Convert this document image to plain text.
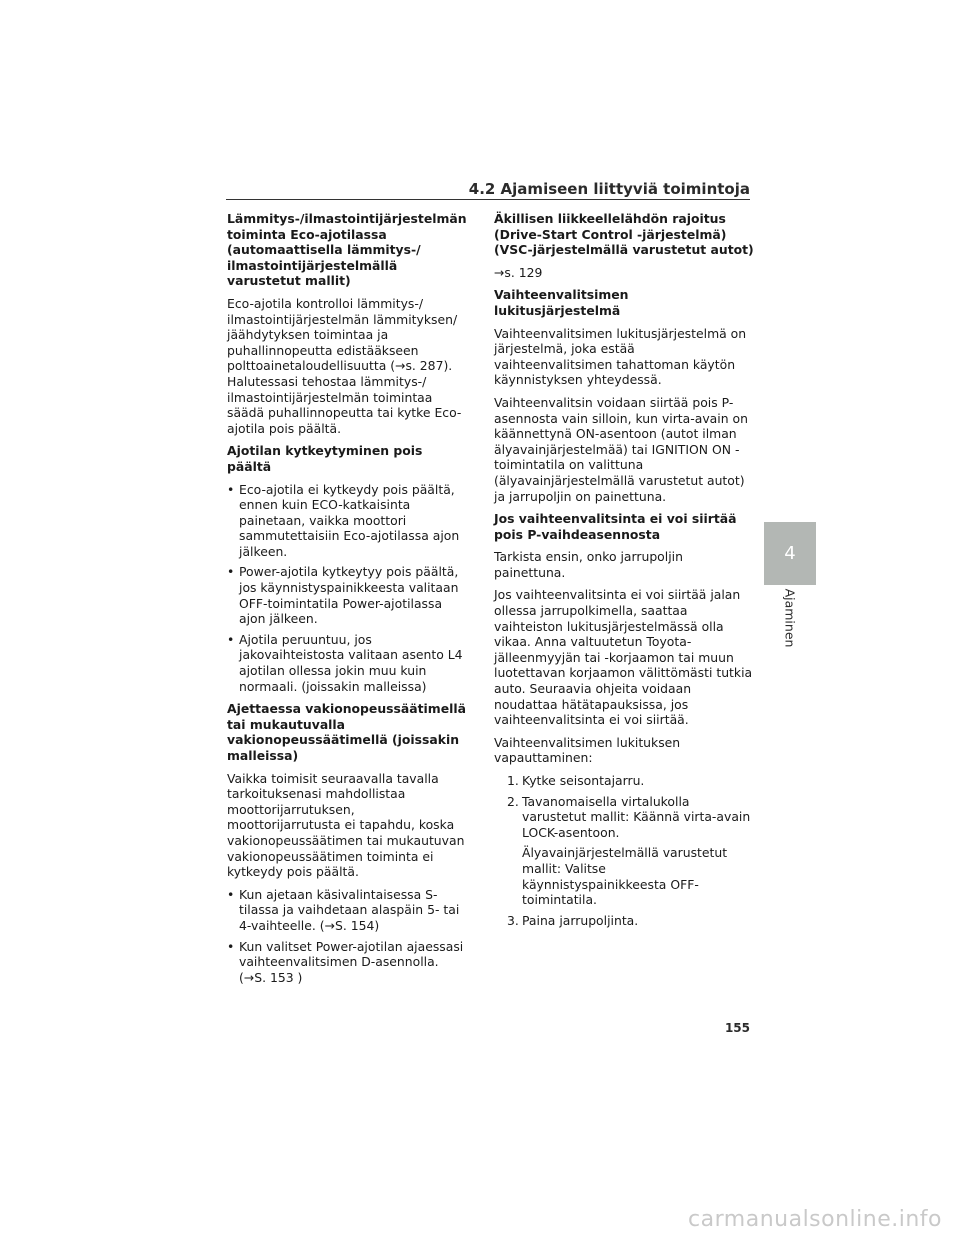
4.2 Ajamiseen liittyviä toimintoja
Lämmitys-/ilmastointijärjestelmän toiminta Eco-ajotilassa (automaattisella lämmitys-/ ilmastointijärjestelmällä varustetut mallit)
Eco-ajotila kontrolloi lämmitys-/ ilmastointijärjestelmän lämmityksen/ jäähdytyksen toimintaa ja puhallinnopeutta edistääkseen polttoainetaloudellisuutta (→s. 287). Halutessasi tehostaa lämmitys-/ ilmastointijärjestelmän toimintaa säädä puhallinnopeutta tai kytke Eco-ajotila pois päältä.
Ajotilan kytkeytyminen pois päältä
• Eco-ajotila ei kytkeydy pois päältä, ennen kuin ECO-katkaisinta painetaan, vaikka moottori sammutettaisiin Eco-ajotilassa ajon jälkeen.
• Power-ajotila kytkeytyy pois päältä, jos käynnistyspainikkeesta valitaan OFF-toimintatila Power-ajotilassa ajon jälkeen.
• Ajotila peruuntuu, jos jakovaihteistosta valitaan asento L4 ajotilan ollessa jokin muu kuin normaali. (joissakin malleissa)
Ajettaessa vakionopeussäätimellä tai mukautuvalla vakionopeussäätimellä (joissakin malleissa)
Vaikka toimisit seuraavalla tavalla tarkoituksenasi mahdollistaa moottorijarrutuksen, moottorijarrutusta ei tapahdu, koska vakionopeussäätimen tai mukautuvan vakionopeussäätimen toiminta ei kytkeydy pois päältä.
• Kun ajetaan käsivalintaisessa S-tilassa ja vaihdetaan alaspäin 5- tai 4-vaihteelle. (→S. 154)
• Kun valitset Power-ajotilan ajaessasi vaihteenvalitsimen D-asennolla. (→S. 153 )
Äkillisen liikkeellelähdön rajoitus (Drive-Start Control -järjestelmä) (VSC-järjestelmällä varustetut autot)
→s. 129
Vaihteenvalitsimen lukitusjärjestelmä
Vaihteenvalitsimen lukitusjärjestelmä on järjestelmä, joka estää vaihteenvalitsimen tahattoman käytön käynnistyksen yhteydessä.
Vaihteenvalitsin voidaan siirtää pois P-asennosta vain silloin, kun virta-avain on käännettynä ON-asentoon (autot ilman älyavainjärjestelmää) tai IGNITION ON -toimintatila on valittuna (älyavainjärjestelmällä varustetut autot) ja jarrupoljin on painettuna.
Jos vaihteenvalitsinta ei voi siirtää pois P-vaihdeasennosta
Tarkista ensin, onko jarrupoljin painettuna.
Jos vaihteenvalitsinta ei voi siirtää jalan ollessa jarrupolkimella, saattaa vaihteiston lukitusjärjestelmässä olla vikaa. Anna valtuutetun Toyota-jälleenmyyjän tai -korjaamon tai muun luotettavan korjaamon välittömästi tutkia auto. Seuraavia ohjeita voidaan noudattaa hätätapauksissa, jos vaihteenvalitsinta ei voi siirtää.
Vaihteenvalitsimen lukituksen vapauttaminen:
1. Kytke seisontajarru.
2. Tavanomaisella virtalukolla varustetut mallit: Käännä virta-avain LOCK-asentoon.
Älyavainjärjestelmällä varustetut mallit: Valitse käynnistyspainikkeesta OFF-toimintatila.
3. Paina jarrupoljinta.
4
Ajaminen
155
carmanualsonline.info
